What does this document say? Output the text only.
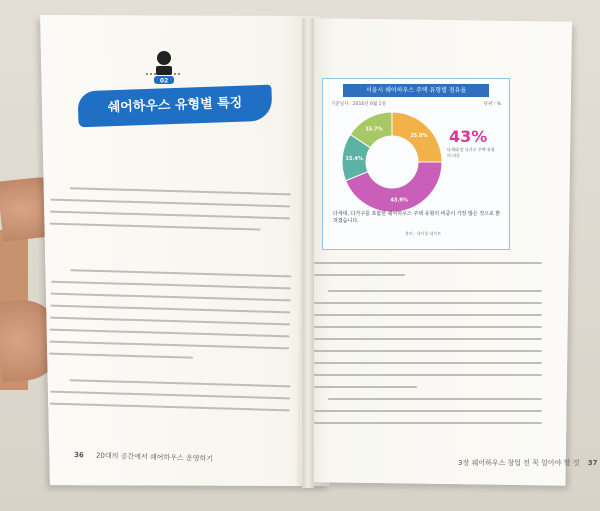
02
쉐어하우스 유형별 특징
36 20대의 공간에서 쉐어하우스 운영하기
서울시 쉐어하우스 주택 유형별 점유율
기준일자 : 2016년 6월 1일	단위 : %
25.0%
43.9%
15.4%
15.7%	43%
다세대 및 다가구 주택 유형의 비중
다세대, 다가구를 포함한 쉐어하우스 주택 유형의 비중이 가장 많은 것으로 밝혀졌습니다.
출처 : 세어링 네이트
3장 쉐어하우스 창업 전 꼭 알아야 할 것 37
